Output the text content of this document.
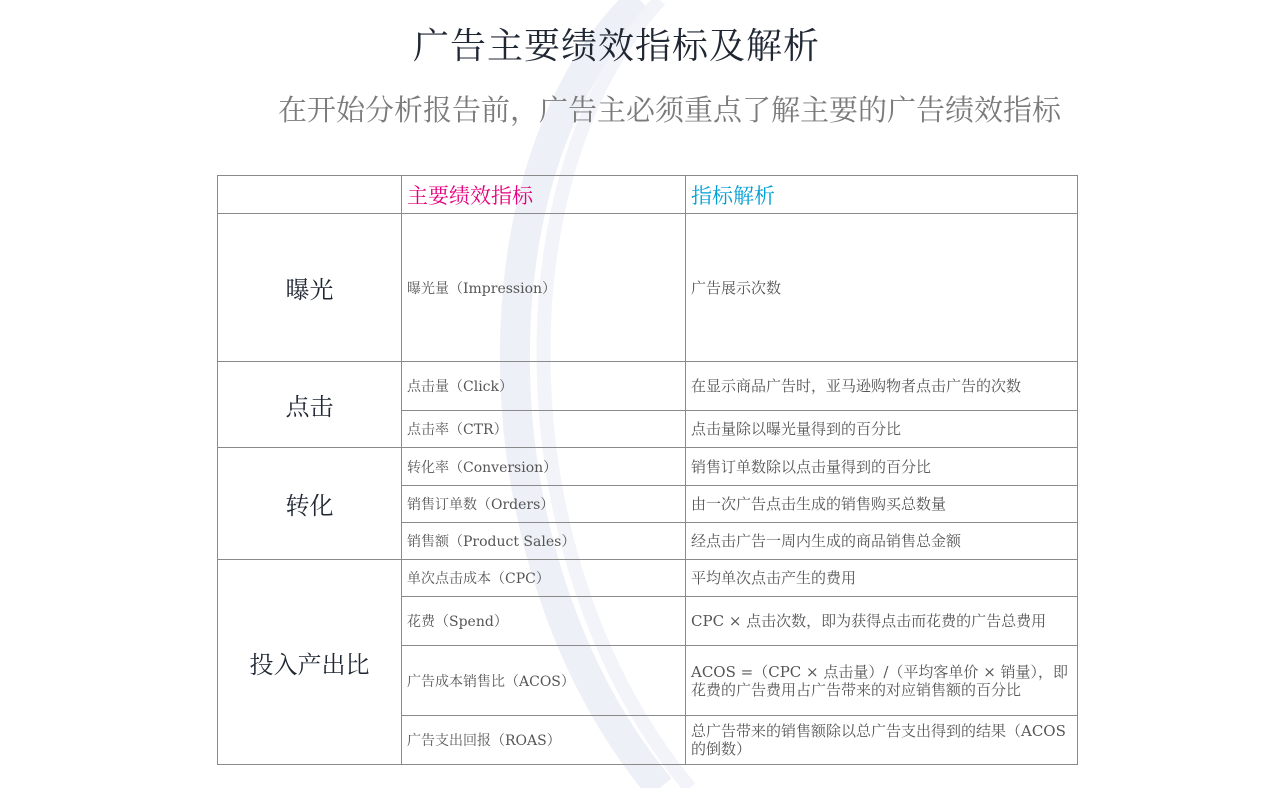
广告主要绩效指标及解析
在开始分析报告前，广告主必须重点了解主要的广告绩效指标
	主要绩效指标	指标解析
曝光	曝光量（Impression）	广告展示次数
点击	点击量（Click）	在显示商品广告时，亚马逊购物者点击广告的次数
	点击率（CTR）	点击量除以曝光量得到的百分比
转化	转化率（Conversion）	销售订单数除以点击量得到的百分比
	销售订单数（Orders）	由一次广告点击生成的销售购买总数量
	销售额（Product Sales）	经点击广告一周内生成的商品销售总金额
投入产出比	单次点击成本（CPC）	平均单次点击产生的费用
	花费（Spend）	CPC × 点击次数，即为获得点击而花费的广告总费用
	广告成本销售比（ACOS）	ACOS =（CPC × 点击量）/（平均客单价 × 销量），即花费的广告费用占广告带来的对应销售额的百分比
	广告支出回报（ROAS）	总广告带来的销售额除以总广告支出得到的结果（ACOS 的倒数）
